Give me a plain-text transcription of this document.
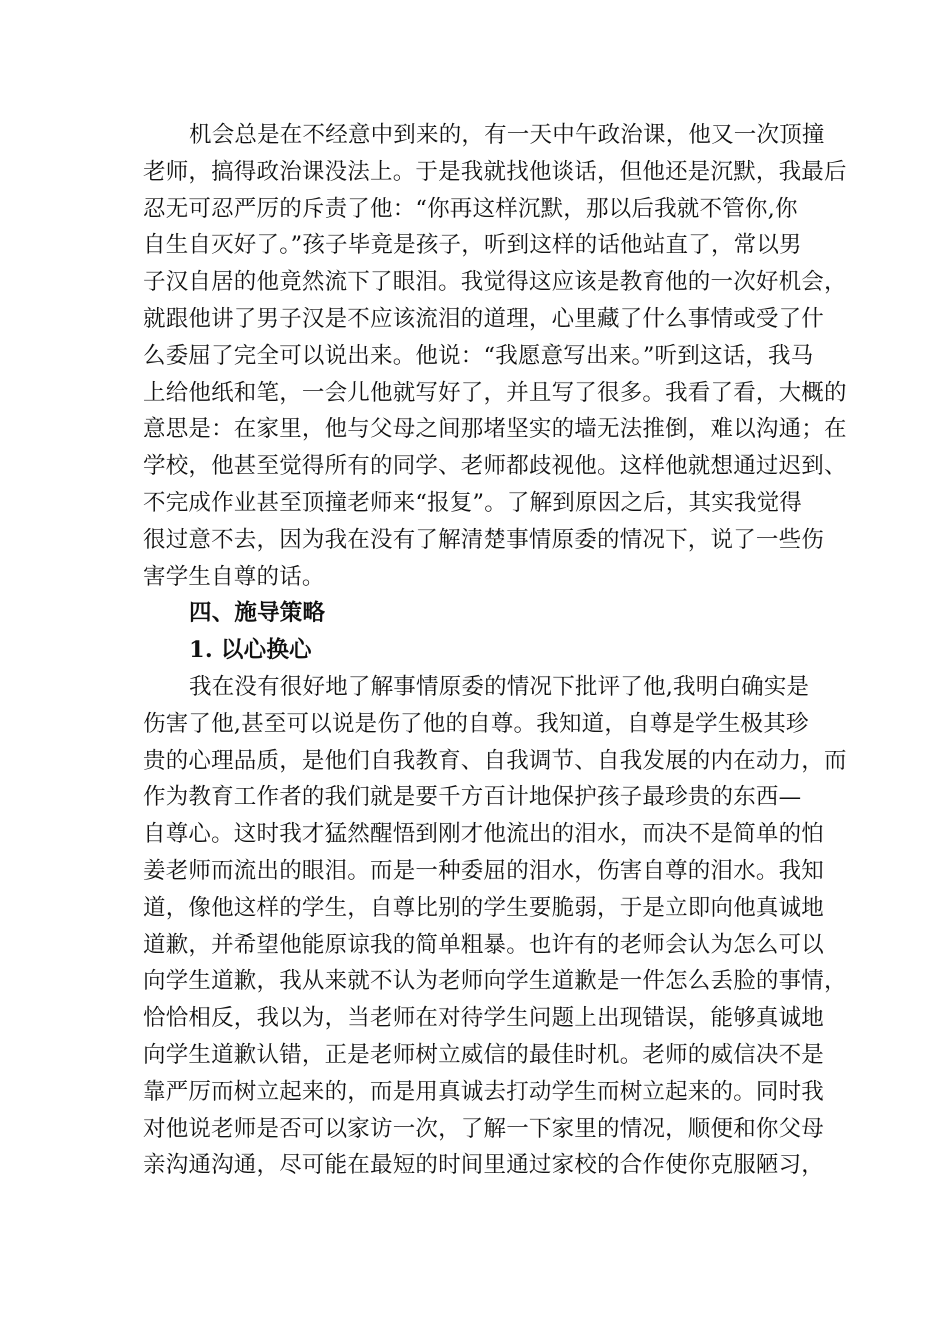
机会总是在不经意中到来的，有一天中午政治课，他又一次顶撞
老师，搞得政治课没法上。于是我就找他谈话，但他还是沉默，我最后
忍无可忍严厉的斥责了他：“你再这样沉默，那以后我就不管你,你
自生自灭好了。”孩子毕竟是孩子，听到这样的话他站直了，常以男
子汉自居的他竟然流下了眼泪。我觉得这应该是教育他的一次好机会，
就跟他讲了男子汉是不应该流泪的道理，心里藏了什么事情或受了什
么委屈了完全可以说出来。他说：“我愿意写出来。”听到这话，我马
上给他纸和笔，一会儿他就写好了，并且写了很多。我看了看，大概的
意思是：在家里，他与父母之间那堵坚实的墙无法推倒，难以沟通；在
学校，他甚至觉得所有的同学、老师都歧视他。这样他就想通过迟到、
不完成作业甚至顶撞老师来“报复”。了解到原因之后，其实我觉得
很过意不去，因为我在没有了解清楚事情原委的情况下，说了一些伤
害学生自尊的话。
四、施导策略
1. 以心换心
我在没有很好地了解事情原委的情况下批评了他,我明白确实是
伤害了他,甚至可以说是伤了他的自尊。我知道，自尊是学生极其珍
贵的心理品质，是他们自我教育、自我调节、自我发展的内在动力，而
作为教育工作者的我们就是要千方百计地保护孩子最珍贵的东西—
自尊心。这时我才猛然醒悟到刚才他流出的泪水，而决不是简单的怕
姜老师而流出的眼泪。而是一种委屈的泪水，伤害自尊的泪水。我知
道，像他这样的学生，自尊比别的学生要脆弱，于是立即向他真诚地
道歉，并希望他能原谅我的简单粗暴。也许有的老师会认为怎么可以
向学生道歉，我从来就不认为老师向学生道歉是一件怎么丢脸的事情，
恰恰相反，我以为，当老师在对待学生问题上出现错误，能够真诚地
向学生道歉认错，正是老师树立威信的最佳时机。老师的威信决不是
靠严厉而树立起来的，而是用真诚去打动学生而树立起来的。同时我
对他说老师是否可以家访一次，了解一下家里的情况，顺便和你父母
亲沟通沟通，尽可能在最短的时间里通过家校的合作使你克服陋习，
